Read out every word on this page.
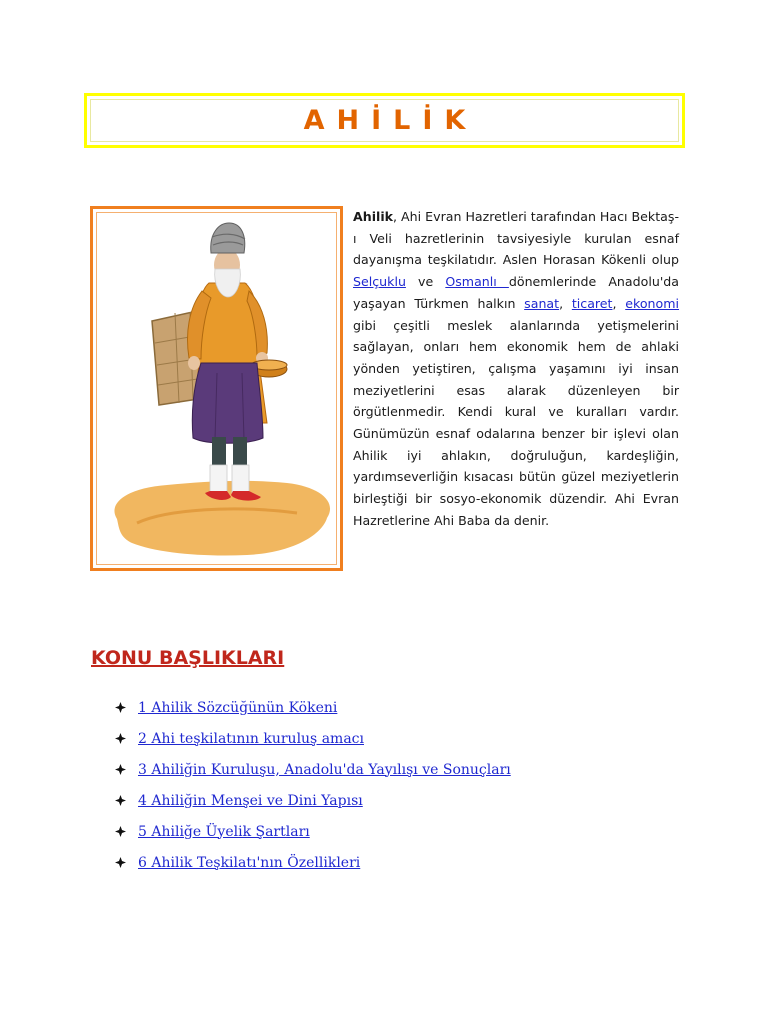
AHİLİK

Ahilik, Ahi Evran Hazretleri tarafından Hacı Bektaş-ı Veli hazretlerinin tavsiyesiyle kurulan esnaf dayanışma teşkilatıdır. Aslen Horasan Kökenli olup Selçuklu ve Osmanlı dönemlerinde Anadolu'da yaşayan Türkmen halkın sanat, ticaret, ekonomi gibi çeşitli meslek alanlarında yetişmelerini sağlayan, onları hem ekonomik hem de ahlaki yönden yetiştiren, çalışma yaşamını iyi insan meziyetlerini esas alarak düzenleyen bir örgütlenmedir. Kendi kural ve kuralları vardır. Günümüzün esnaf odalarına benzer bir işlevi olan Ahilik iyi ahlakın, doğruluğun, kardeşliğin, yardımseverliğin kısacası bütün güzel meziyetlerin birleştiği bir sosyo-ekonomik düzendir. Ahi Evran Hazretlerine Ahi Baba da denir.

KONU BAŞLIKLARI
1 Ahilik Sözcüğünün Kökeni
2 Ahi teşkilatının kuruluş amacı
3 Ahiliğin Kuruluşu, Anadolu'da Yayılışı ve Sonuçları
4 Ahiliğin Menşei ve Dini Yapısı
5 Ahiliğe Üyelik Şartları
6 Ahilik Teşkilatı'nın Özellikleri
